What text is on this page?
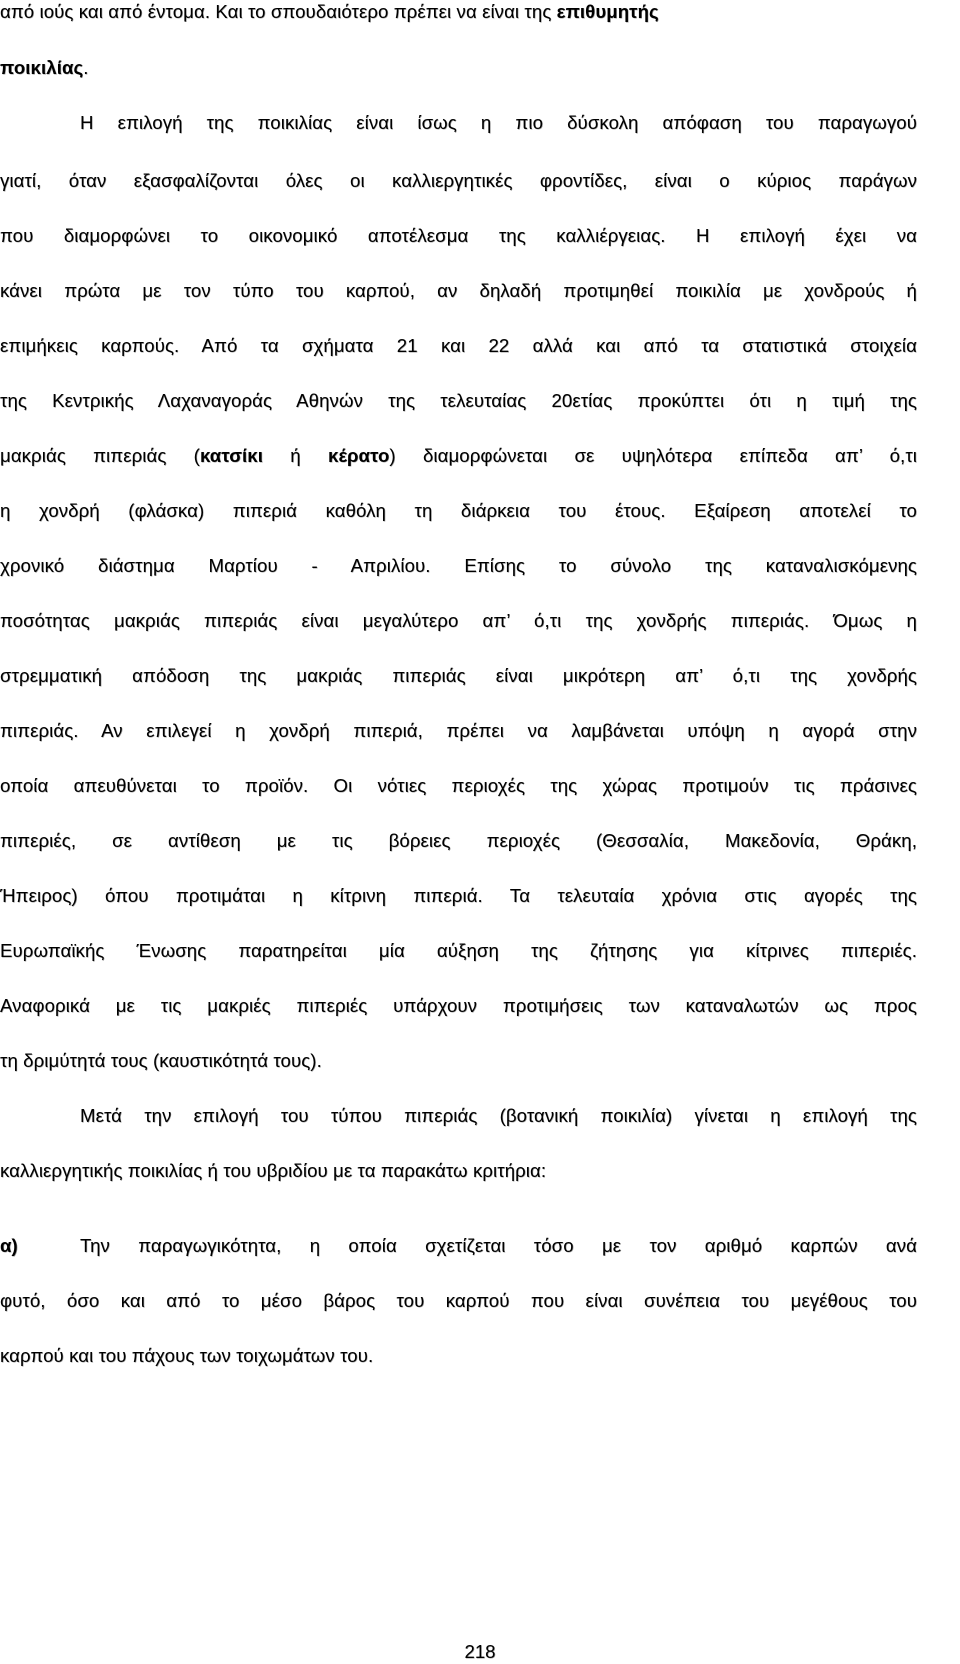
από ιούς και από έντομα. Και το σπουδαιότερο πρέπει να είναι της επιθυμητής
ποικιλίας.
Η επιλογή της ποικιλίας είναι ίσως η πιο δύσκολη απόφαση του παραγωγού
γιατί, όταν εξασφαλίζονται όλες οι καλλιεργητικές φροντίδες, είναι ο κύριος παράγων
που διαμορφώνει το οικονομικό αποτέλεσμα της καλλιέργειας. Η επιλογή έχει να
κάνει πρώτα με τον τύπο του καρπού, αν δηλαδή προτιμηθεί ποικιλία με χονδρούς ή
επιμήκεις καρπούς. Από τα σχήματα 21 και 22 αλλά και από τα στατιστικά στοιχεία
της Κεντρικής Λαχαναγοράς Αθηνών της τελευταίας 20ετίας προκύπτει ότι η τιμή της
μακριάς πιπεριάς (κατσίκι ή κέρατο) διαμορφώνεται σε υψηλότερα επίπεδα απ’ ό,τι
η χονδρή (φλάσκα) πιπεριά καθόλη τη διάρκεια του έτους. Εξαίρεση αποτελεί το
χρονικό διάστημα Μαρτίου - Απριλίου. Επίσης το σύνολο της καταναλισκόμενης
ποσότητας μακριάς πιπεριάς είναι μεγαλύτερο απ’ ό,τι της χονδρής πιπεριάς. Όμως η
στρεμματική απόδοση της μακριάς πιπεριάς είναι μικρότερη απ’ ό,τι της χονδρής
πιπεριάς. Αν επιλεγεί η χονδρή πιπεριά, πρέπει να λαμβάνεται υπόψη η αγορά στην
οποία απευθύνεται το προϊόν. Οι νότιες περιοχές της χώρας προτιμούν τις πράσινες
πιπεριές, σε αντίθεση με τις βόρειες περιοχές (Θεσσαλία, Μακεδονία, Θράκη,
Ήπειρος) όπου προτιμάται η κίτρινη πιπεριά. Τα τελευταία χρόνια στις αγορές της
Ευρωπαϊκής Ένωσης παρατηρείται μία αύξηση της ζήτησης για κίτρινες πιπεριές.
Αναφορικά με τις μακριές πιπεριές υπάρχουν προτιμήσεις των καταναλωτών ως προς
τη δριμύτητά τους (καυστικότητά τους).
Μετά την επιλογή του τύπου πιπεριάς (βοτανική ποικιλία) γίνεται η επιλογή της
καλλιεργητικής ποικιλίας ή του υβριδίου με τα παρακάτω κριτήρια:
α)	Την παραγωγικότητα, η οποία σχετίζεται τόσο με τον αριθμό καρπών ανά
φυτό, όσο και από το μέσο βάρος του καρπού που είναι συνέπεια του μεγέθους του
καρπού και του πάχους των τοιχωμάτων του.
218
